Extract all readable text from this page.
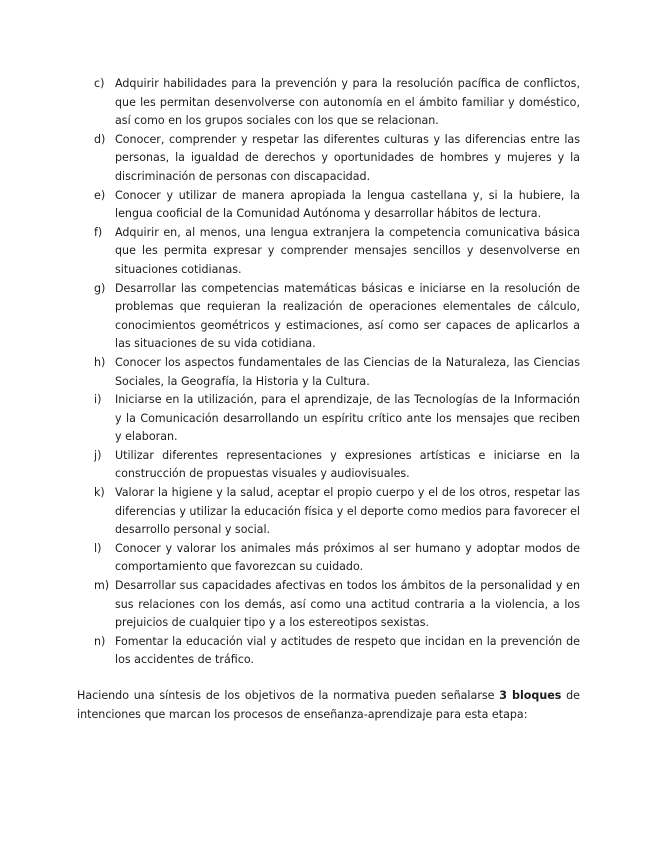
c) Adquirir habilidades para la prevención y para la resolución pacífica de conflictos, que les permitan desenvolverse con autonomía en el ámbito familiar y doméstico, así como en los grupos sociales con los que se relacionan.
d) Conocer, comprender y respetar las diferentes culturas y las diferencias entre las personas, la igualdad de derechos y oportunidades de hombres y mujeres y la discriminación de personas con discapacidad.
e) Conocer y utilizar de manera apropiada la lengua castellana y, si la hubiere, la lengua cooficial de la Comunidad Autónoma y desarrollar hábitos de lectura.
f)	Adquirir en, al menos, una lengua extranjera la competencia comunicativa básica que les permita expresar y comprender mensajes sencillos y desenvolverse en situaciones cotidianas.
g) Desarrollar las competencias matemáticas básicas e iniciarse en la resolución de problemas que requieran la realización de operaciones elementales de cálculo, conocimientos geométricos y estimaciones, así como ser capaces de aplicarlos a las situaciones de su vida cotidiana.
h) Conocer los aspectos fundamentales de las Ciencias de la Naturaleza, las Ciencias Sociales, la Geografía, la Historia y la Cultura.
i)	Iniciarse en la utilización, para el aprendizaje, de las Tecnologías de la Información y la Comunicación desarrollando un espíritu crítico ante los mensajes que reciben y elaboran.
j)	Utilizar diferentes representaciones y expresiones artísticas e iniciarse en la construcción de propuestas visuales y audiovisuales.
k) Valorar la higiene y la salud, aceptar el propio cuerpo y el de los otros, respetar las diferencias y utilizar la educación física y el deporte como medios para favorecer el desarrollo personal y social.
l)	Conocer y valorar los animales más próximos al ser humano y adoptar modos de comportamiento que favorezcan su cuidado.
m) Desarrollar sus capacidades afectivas en todos los ámbitos de la personalidad y en sus relaciones con los demás, así como una actitud contraria a la violencia, a los prejuicios de cualquier tipo y a los estereotipos sexistas.
n) Fomentar la educación vial y actitudes de respeto que incidan en la prevención de los accidentes de tráfico.

Haciendo una síntesis de los objetivos de la normativa pueden señalarse 3 bloques de intenciones que marcan los procesos de enseñanza-aprendizaje para esta etapa:
